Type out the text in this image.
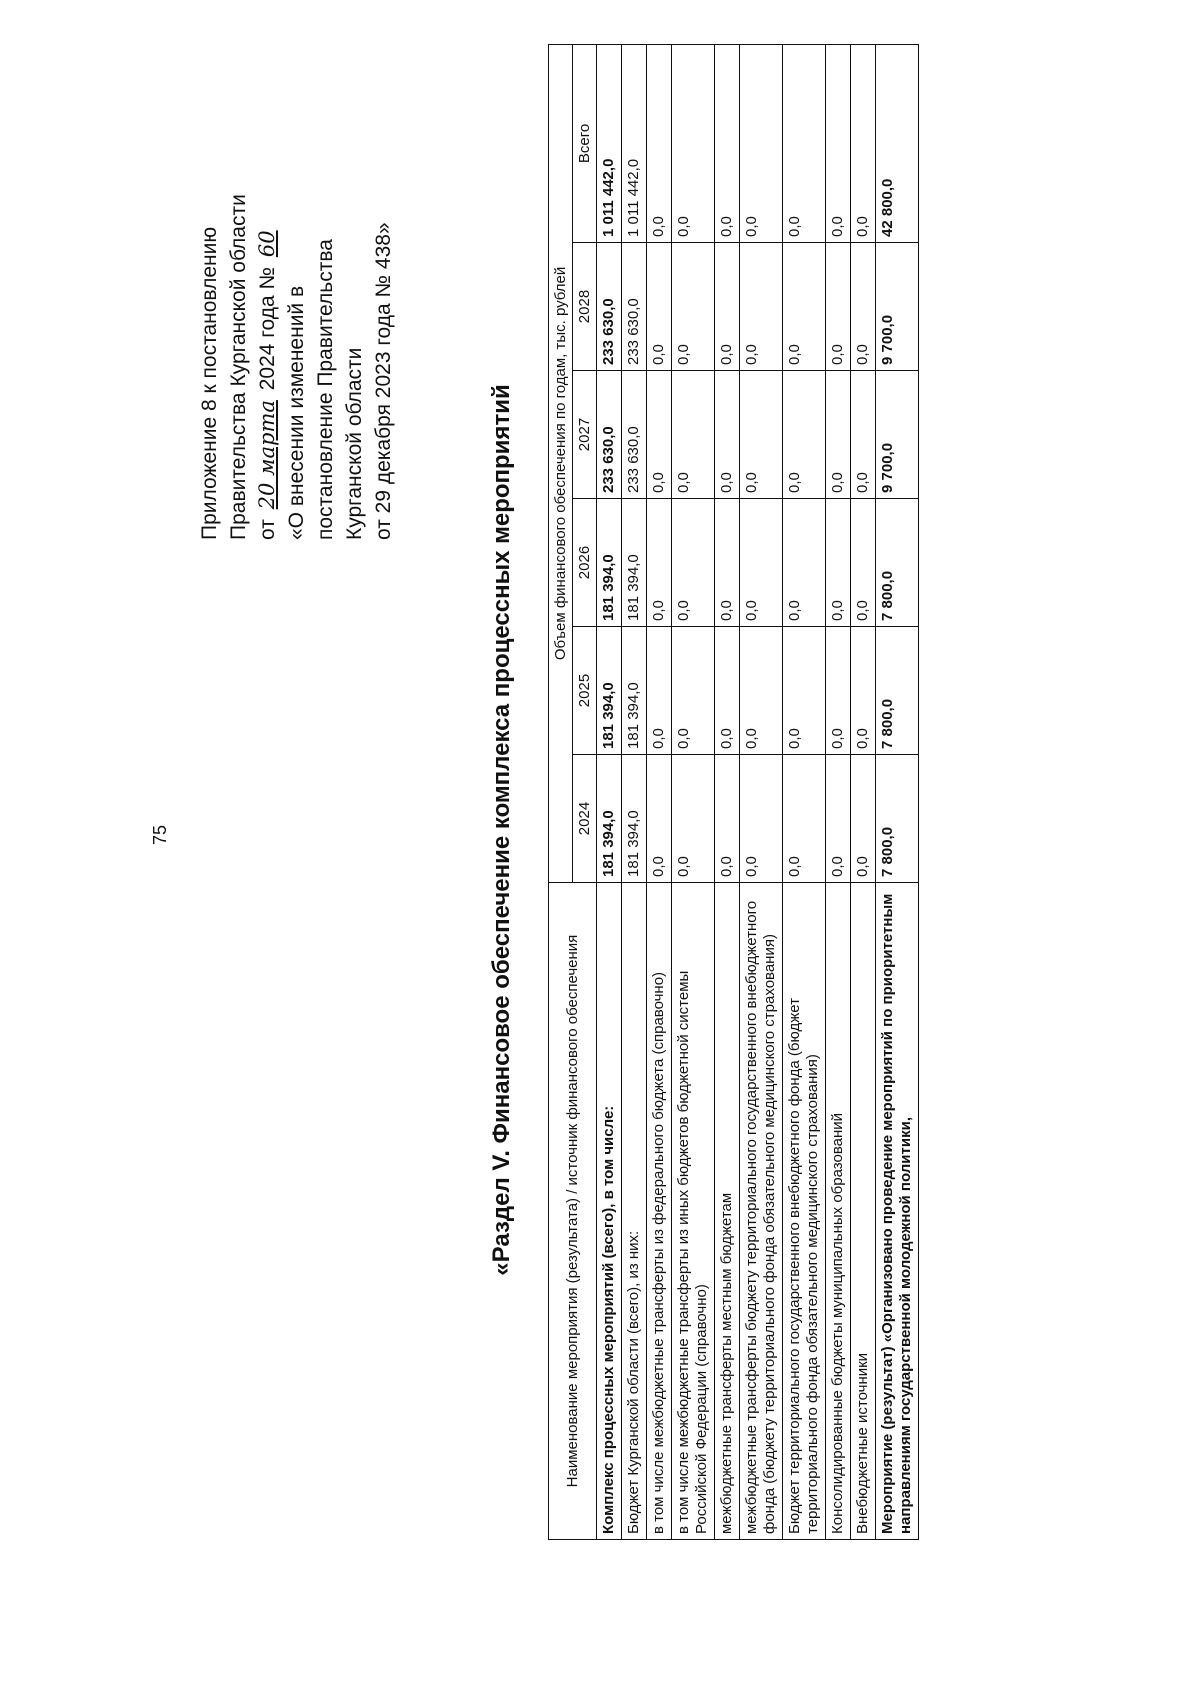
75
Приложение 8 к постановлению Правительства Курганской области от 20 марта 2024 года № 60
«О внесении изменений в постановление Правительства Курганской области от 29 декабря 2023 года № 438»
«Раздел V. Финансовое обеспечение комплекса процессных мероприятий	Наименование мероприятия (результата) / источник финансового обеспечения	Объем финансового обеспечения по годам, тыс. рублей					
	2024	2025	2026	2027	2028	Всего
Комплекс процессных мероприятий (всего), в том числе:	181 394,0	181 394,0	181 394,0	233 630,0	233 630,0	1 011 442,0
Бюджет Курганской области (всего), из них:	181 394,0	181 394,0	181 394,0	233 630,0	233 630,0	1 011 442,0
в том числе межбюджетные трансферты из федерального бюджета (справочно)	0,0	0,0	0,0	0,0	0,0	0,0
в том числе межбюджетные трансферты из иных бюджетов бюджетной системы Российской Федерации (справочно)	0,0	0,0	0,0	0,0	0,0	0,0
межбюджетные трансферты местным бюджетам	0,0	0,0	0,0	0,0	0,0	0,0
межбюджетные трансферты бюджету территориального государственного внебюджетного фонда (бюджету территориального фонда обязательного медицинского страхования)	0,0	0,0	0,0	0,0	0,0	0,0
Бюджет территориального государственного внебюджетного фонда (бюджет территориального фонда обязательного медицинского страхования)	0,0	0,0	0,0	0,0	0,0	0,0
Консолидированные бюджеты муниципальных образований	0,0	0,0	0,0	0,0	0,0	0,0
Внебюджетные источники	0,0	0,0	0,0	0,0	0,0	0,0
Мероприятие (результат) «Организовано проведение мероприятий по приоритетным направлениям государственной молодежной политики,	7 800,0	7 800,0	7 800,0	9 700,0	9 700,0	42 800,0
